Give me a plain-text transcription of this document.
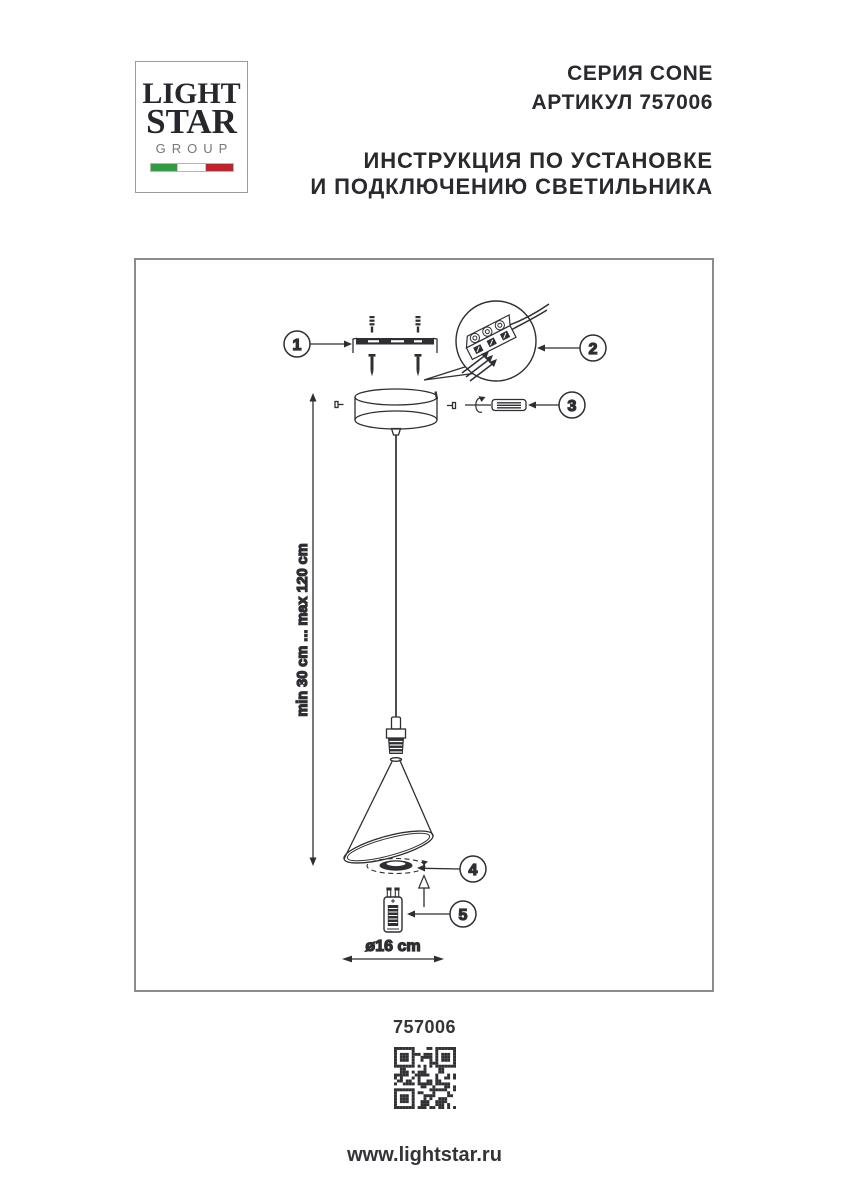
LIGHT
STAR
GROUP
СЕРИЯ CONE
АРТИКУЛ 757006
ИНСТРУКЦИЯ ПО УСТАНОВКЕ
И ПОДКЛЮЧЕНИЮ СВЕТИЛЬНИКА
1	2
3
min 30 cm ... max 120 cm
4
5
ø16 cm
757006
www.lightstar.ru
